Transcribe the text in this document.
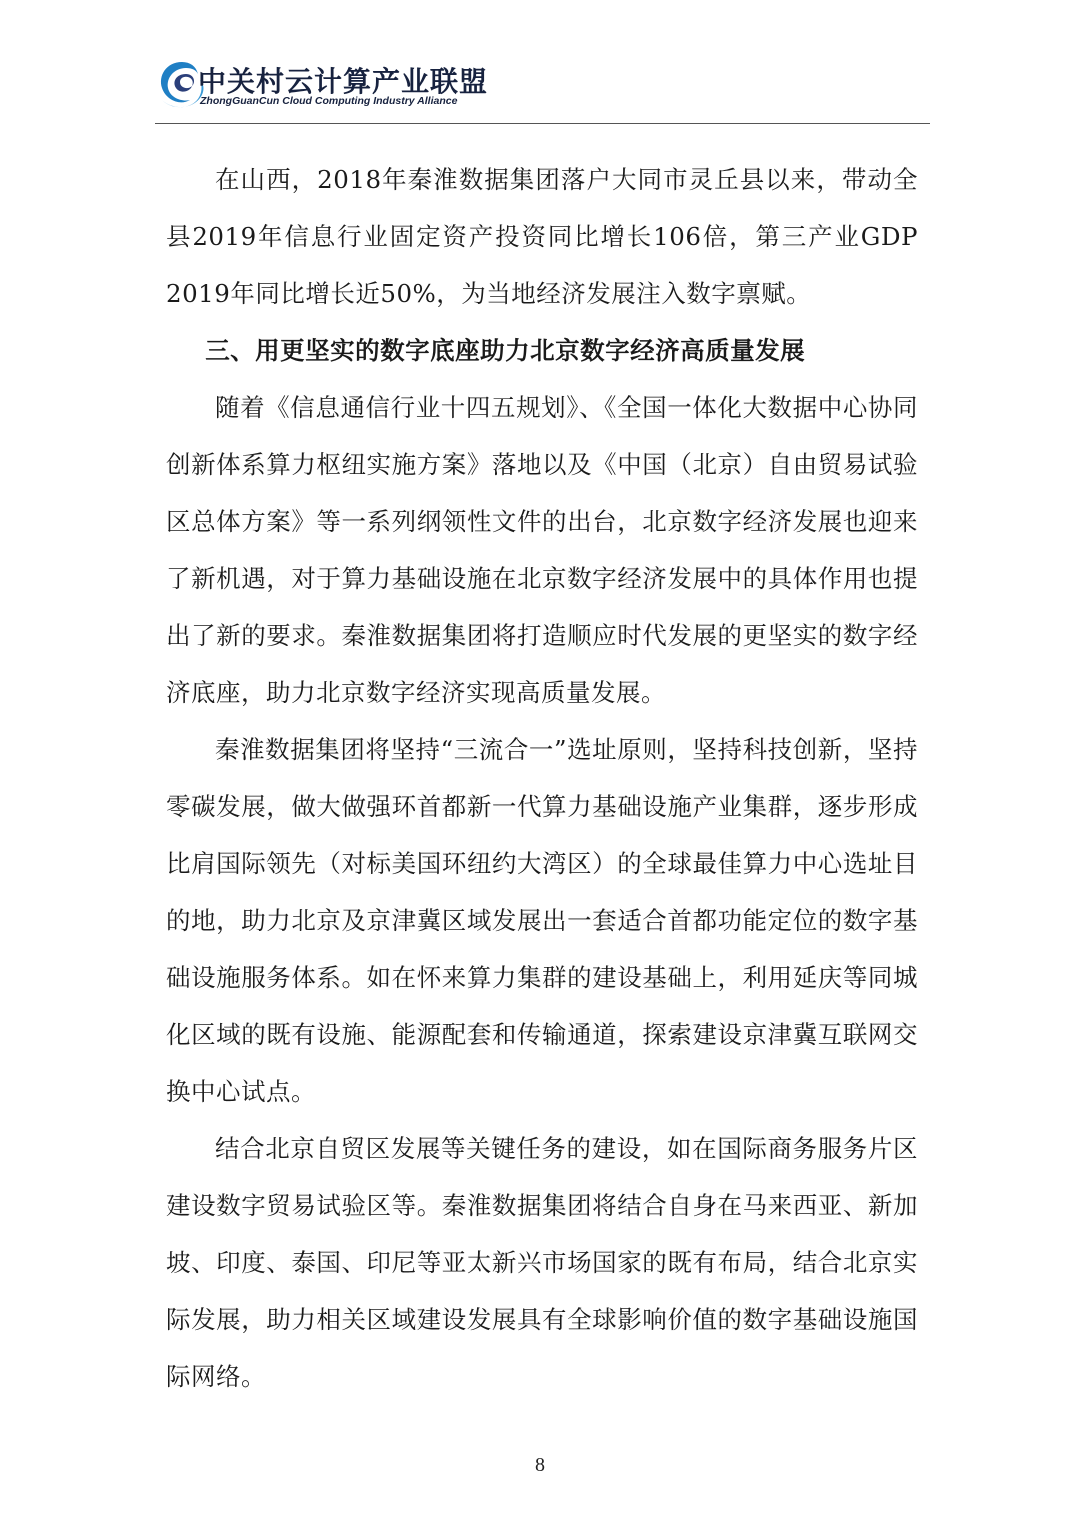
中关村云计算产业联盟
ZhongGuanCun Cloud Computing Industry Alliance

在山西，2018年秦淮数据集团落户大同市灵丘县以来，带动全县2019年信息行业固定资产投资同比增长106倍，第三产业GDP 2019年同比增长近50%，为当地经济发展注入数字禀赋。

三、用更坚实的数字底座助力北京数字经济高质量发展

随着《信息通信行业十四五规划》、《全国一体化大数据中心协同创新体系算力枢纽实施方案》落地以及《中国（北京）自由贸易试验区总体方案》等一系列纲领性文件的出台，北京数字经济发展也迎来了新机遇，对于算力基础设施在北京数字经济发展中的具体作用也提出了新的要求。秦淮数据集团将打造顺应时代发展的更坚实的数字经济底座，助力北京数字经济实现高质量发展。

秦淮数据集团将坚持“三流合一”选址原则，坚持科技创新，坚持零碳发展，做大做强环首都新一代算力基础设施产业集群，逐步形成比肩国际领先（对标美国环纽约大湾区）的全球最佳算力中心选址目的地，助力北京及京津冀区域发展出一套适合首都功能定位的数字基础设施服务体系。如在怀来算力集群的建设基础上，利用延庆等同城化区域的既有设施、能源配套和传输通道，探索建设京津冀互联网交换中心试点。

结合北京自贸区发展等关键任务的建设，如在国际商务服务片区建设数字贸易试验区等。秦淮数据集团将结合自身在马来西亚、新加坡、印度、泰国、印尼等亚太新兴市场国家的既有布局，结合北京实际发展，助力相关区域建设发展具有全球影响价值的数字基础设施国际网络。

8
